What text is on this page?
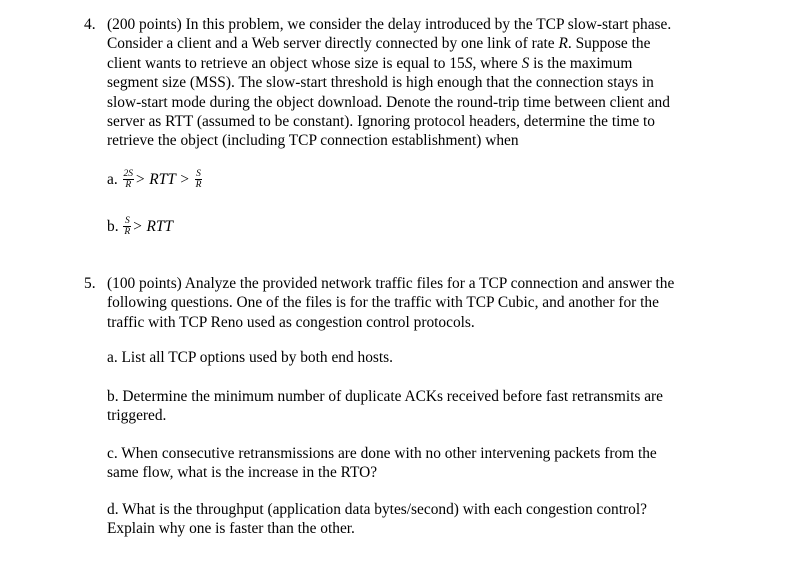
4. (200 points) In this problem, we consider the delay introduced by the TCP slow-start phase.
Consider a client and a Web server directly connected by one link of rate R. Suppose the
client wants to retrieve an object whose size is equal to 15S, where S is the maximum
segment size (MSS). The slow-start threshold is high enough that the connection stays in
slow-start mode during the object download. Denote the round-trip time between client and
server as RTT (assumed to be constant). Ignoring protocol headers, determine the time to
retrieve the object (including TCP connection establishment) when
a. $\frac{2S}{R}$ > RTT > $\frac{S}{R}$
b. $\frac{S}{R}$ > RTT
5. (100 points) Analyze the provided network traffic files for a TCP connection and answer the
following questions. One of the files is for the traffic with TCP Cubic, and another for the
traffic with TCP Reno used as congestion control protocols.
a. List all TCP options used by both end hosts.
b. Determine the minimum number of duplicate ACKs received before fast retransmits are
triggered.
c. When consecutive retransmissions are done with no other intervening packets from the
same flow, what is the increase in the RTO?
d. What is the throughput (application data bytes/second) with each congestion control?
Explain why one is faster than the other.
